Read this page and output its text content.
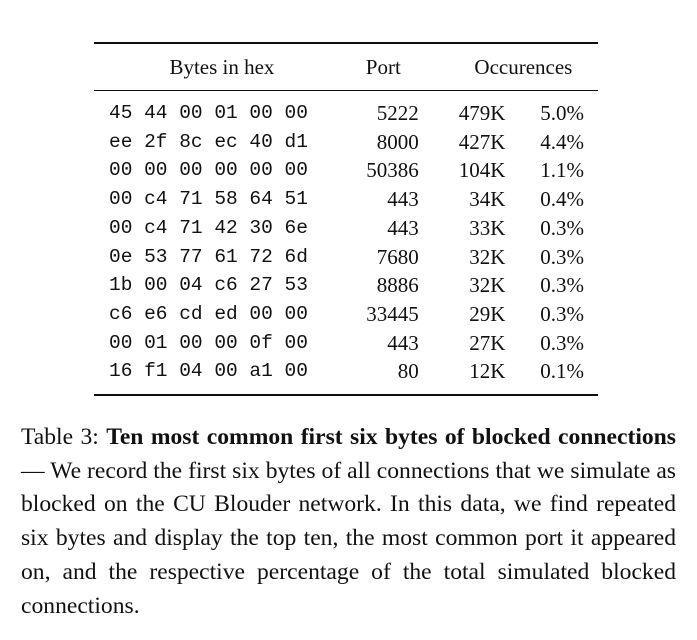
Bytes in hex	Port	Occurences	
45 44 00 01 00 00	5222	479K	5.0%
ee 2f 8c ec 40 d1	8000	427K	4.4%
00 00 00 00 00 00	50386	104K	1.1%
00 c4 71 58 64 51	443	34K	0.4%
00 c4 71 42 30 6e	443	33K	0.3%
0e 53 77 61 72 6d	7680	32K	0.3%
1b 00 04 c6 27 53	8886	32K	0.3%
c6 e6 cd ed 00 00	33445	29K	0.3%
00 01 00 00 0f 00	443	27K	0.3%
16 f1 04 00 a1 00	80	12K	0.1%
Table 3: Ten most common first six bytes of blocked connections — We record the first six bytes of all connections that we simulate as blocked on the CU Blouder network. In this data, we find repeated six bytes and display the top ten, the most common port it appeared on, and the respective percentage of the total simulated blocked connections.
